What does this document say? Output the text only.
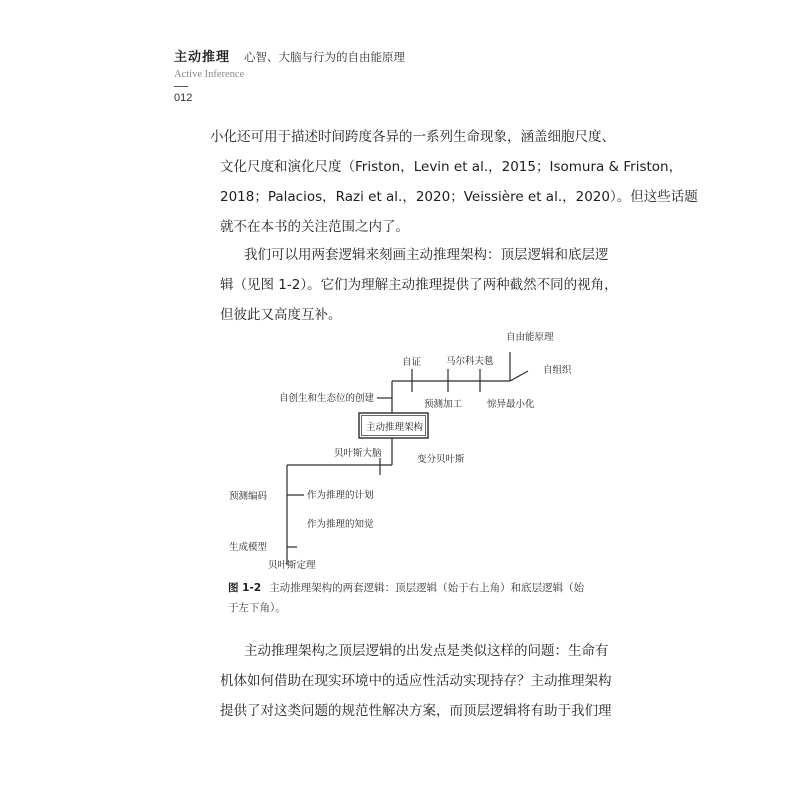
主动推理 心智、大脑与行为的自由能原理
Active Inference
012

小化还可用于描述时间跨度各异的一系列生命现象，涵盖细胞尺度、
文化尺度和演化尺度（Friston，Levin et al.，2015；Isomura & Friston，
2018；Palacios，Razi et al.，2020；Veissière et al.，2020）。但这些话题
就不在本书的关注范围之内了。

我们可以用两套逻辑来刻画主动推理架构：顶层逻辑和底层逻
辑（见图 1-2）。它们为理解主动推理提供了两种截然不同的视角，
但彼此又高度互补。

自由能原理
自证	马尔科夫毯
自组织
自创生和生态位的创建
预测加工	惊异最小化
主动推理架构
贝叶斯大脑
变分贝叶斯
预测编码	作为推理的计划
作为推理的知觉
生成模型
贝叶斯定理
图 1-2 主动推理架构的两套逻辑：顶层逻辑（始于右上角）和底层逻辑（始于左下角）。

主动推理架构之顶层逻辑的出发点是类似这样的问题：生命有
机体如何借助在现实环境中的适应性活动实现持存？主动推理架构
提供了对这类问题的规范性解决方案，而顶层逻辑将有助于我们理
